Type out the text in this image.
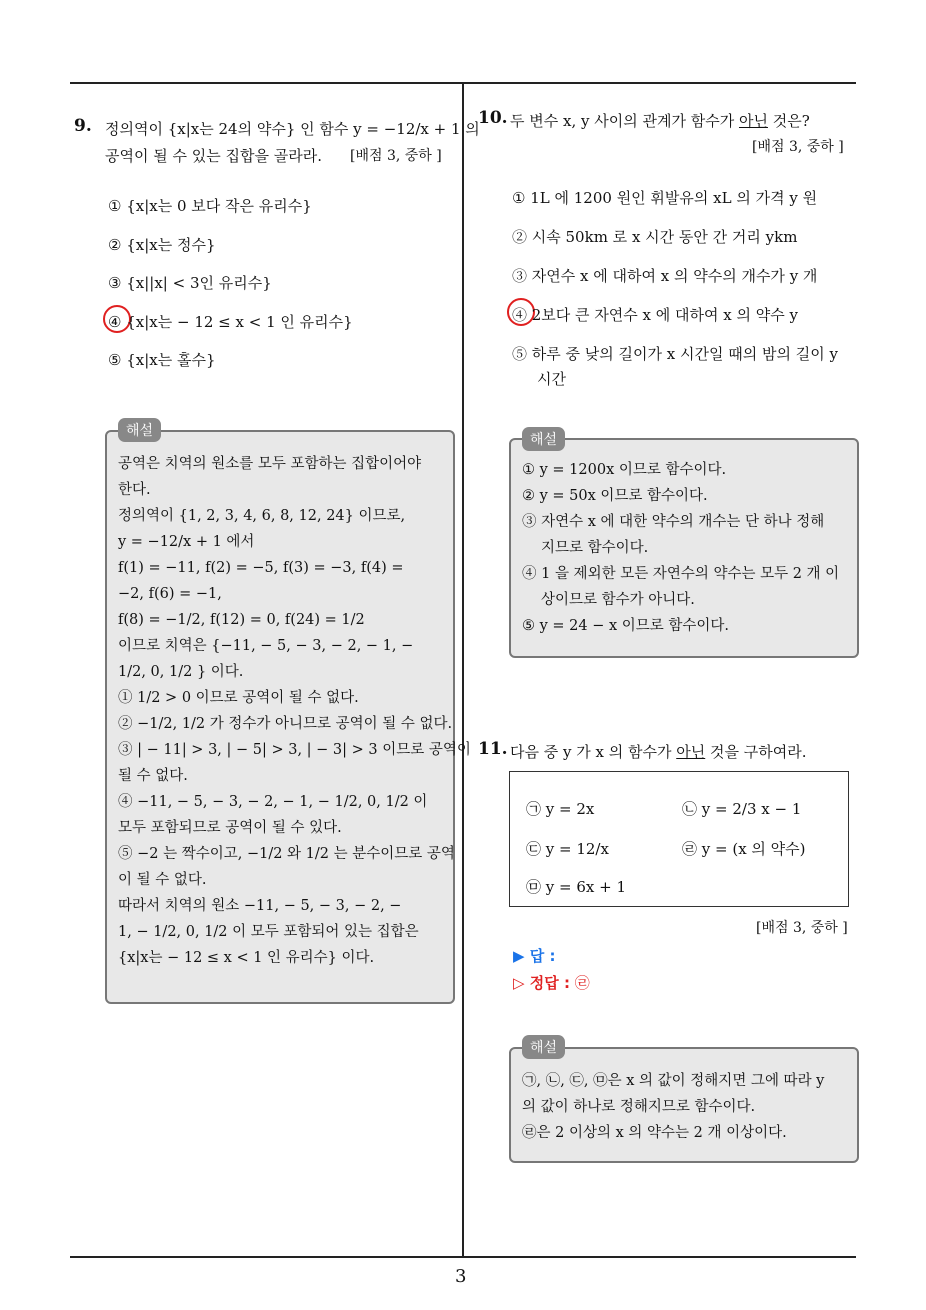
3
9. 정의역이 {x|x는 24의 약수} 인 함수 y = −12/x + 1 의
공역이 될 수 있는 집합을 골라라. [배점 3, 중하 ]
① {x|x는 0 보다 작은 유리수}
② {x|x는 정수}
③ {x||x| < 3인 유리수}
④ {x|x는 − 12 ≤ x < 1 인 유리수}
⑤ {x|x는 홀수}
공역은 치역의 원소를 모두 포함하는 집합이어야
한다.
정의역이 {1, 2, 3, 4, 6, 8, 12, 24} 이므로,
y = −12/x + 1 에서
f(1) = −11, f(2) = −5, f(3) = −3, f(4) =
−2, f(6) = −1,
f(8) = −1/2, f(12) = 0, f(24) = 1/2
이므로 치역은 {−11, − 5, − 3, − 2, − 1, −
1/2, 0, 1/2 } 이다.
① 1/2 > 0 이므로 공역이 될 수 없다.
② −1/2, 1/2 가 정수가 아니므로 공역이 될 수 없다.
③ | − 11| > 3, | − 5| > 3, | − 3| > 3 이므로 공역이
될 수 없다.
④ −11, − 5, − 3, − 2, − 1, − 1/2, 0, 1/2 이
모두 포함되므로 공역이 될 수 있다.
⑤ −2 는 짝수이고, −1/2 와 1/2 는 분수이므로 공역
이 될 수 없다.
따라서 치역의 원소 −11, − 5, − 3, − 2, −
1, − 1/2, 0, 1/2 이 모두 포함되어 있는 집합은
{x|x는 − 12 ≤ x < 1 인 유리수} 이다.
해설
10. 두 변수 x, y 사이의 관계가 함수가 아닌 것은?
[배점 3, 중하 ]
① 1L 에 1200 원인 휘발유의 xL 의 가격 y 원
② 시속 50km 로 x 시간 동안 간 거리 ykm
③ 자연수 x 에 대하여 x 의 약수의 개수가 y 개
④ 2보다 큰 자연수 x 에 대하여 x 의 약수 y
⑤ 하루 중 낮의 길이가 x 시간일 때의 밤의 길이 y
시간
① y = 1200x 이므로 함수이다.
② y = 50x 이므로 함수이다.
③ 자연수 x 에 대한 약수의 개수는 단 하나 정해
지므로 함수이다.
④ 1 을 제외한 모든 자연수의 약수는 모두 2 개 이
상이므로 함수가 아니다.
⑤ y = 24 − x 이므로 함수이다.
해설
11. 다음 중 y 가 x 의 함수가 아닌 것을 구하여라.
㉠ y = 2x	㉡ y = 2/3 x − 1
㉢ y = 12/x	㉣ y = (x 의 약수)
㉤ y = 6x + 1
[배점 3, 중하 ]
▶ 답 :
▷ 정답 : ㉣
㉠, ㉡, ㉢, ㉤은 x 의 값이 정해지면 그에 따라 y
의 값이 하나로 정해지므로 함수이다.
㉣은 2 이상의 x 의 약수는 2 개 이상이다.
해설
